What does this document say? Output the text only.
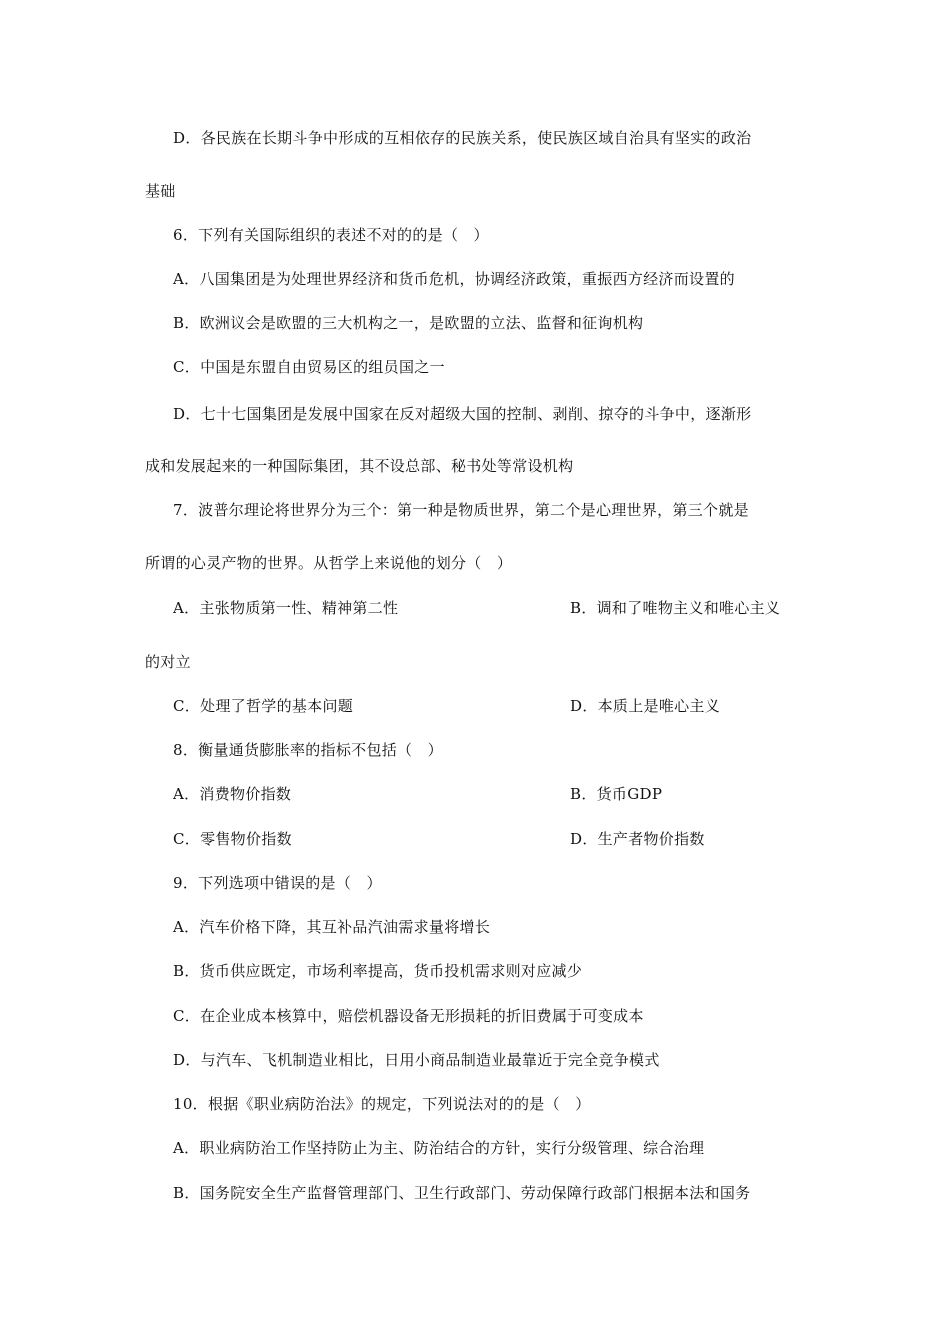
D．各民族在长期斗争中形成的互相依存的民族关系，使民族区域自治具有坚实的政治
基础
6．下列有关国际组织的表述不对的的是（　）
A．八国集团是为处理世界经济和货币危机，协调经济政策，重振西方经济而设置的
B．欧洲议会是欧盟的三大机构之一，是欧盟的立法、监督和征询机构
C．中国是东盟自由贸易区的组员国之一
D．七十七国集团是发展中国家在反对超级大国的控制、剥削、掠夺的斗争中，逐渐形
成和发展起来的一种国际集团，其不设总部、秘书处等常设机构
7．波普尔理论将世界分为三个：第一种是物质世界，第二个是心理世界，第三个就是
所谓的心灵产物的世界。从哲学上来说他的划分（　）
A．主张物质第一性、精神第二性	B．调和了唯物主义和唯心主义
的对立
C．处理了哲学的基本问题	D．本质上是唯心主义
8．衡量通货膨胀率的指标不包括（　）
A．消费物价指数	B．货币GDP
C．零售物价指数	D．生产者物价指数
9．下列选项中错误的是（　）
A．汽车价格下降，其互补品汽油需求量将增长
B．货币供应既定，市场利率提高，货币投机需求则对应减少
C．在企业成本核算中，赔偿机器设备无形损耗的折旧费属于可变成本
D．与汽车、飞机制造业相比，日用小商品制造业最靠近于完全竞争模式
10．根据《职业病防治法》的规定，下列说法对的的是（　）
A．职业病防治工作坚持防止为主、防治结合的方针，实行分级管理、综合治理
B．国务院安全生产监督管理部门、卫生行政部门、劳动保障行政部门根据本法和国务
